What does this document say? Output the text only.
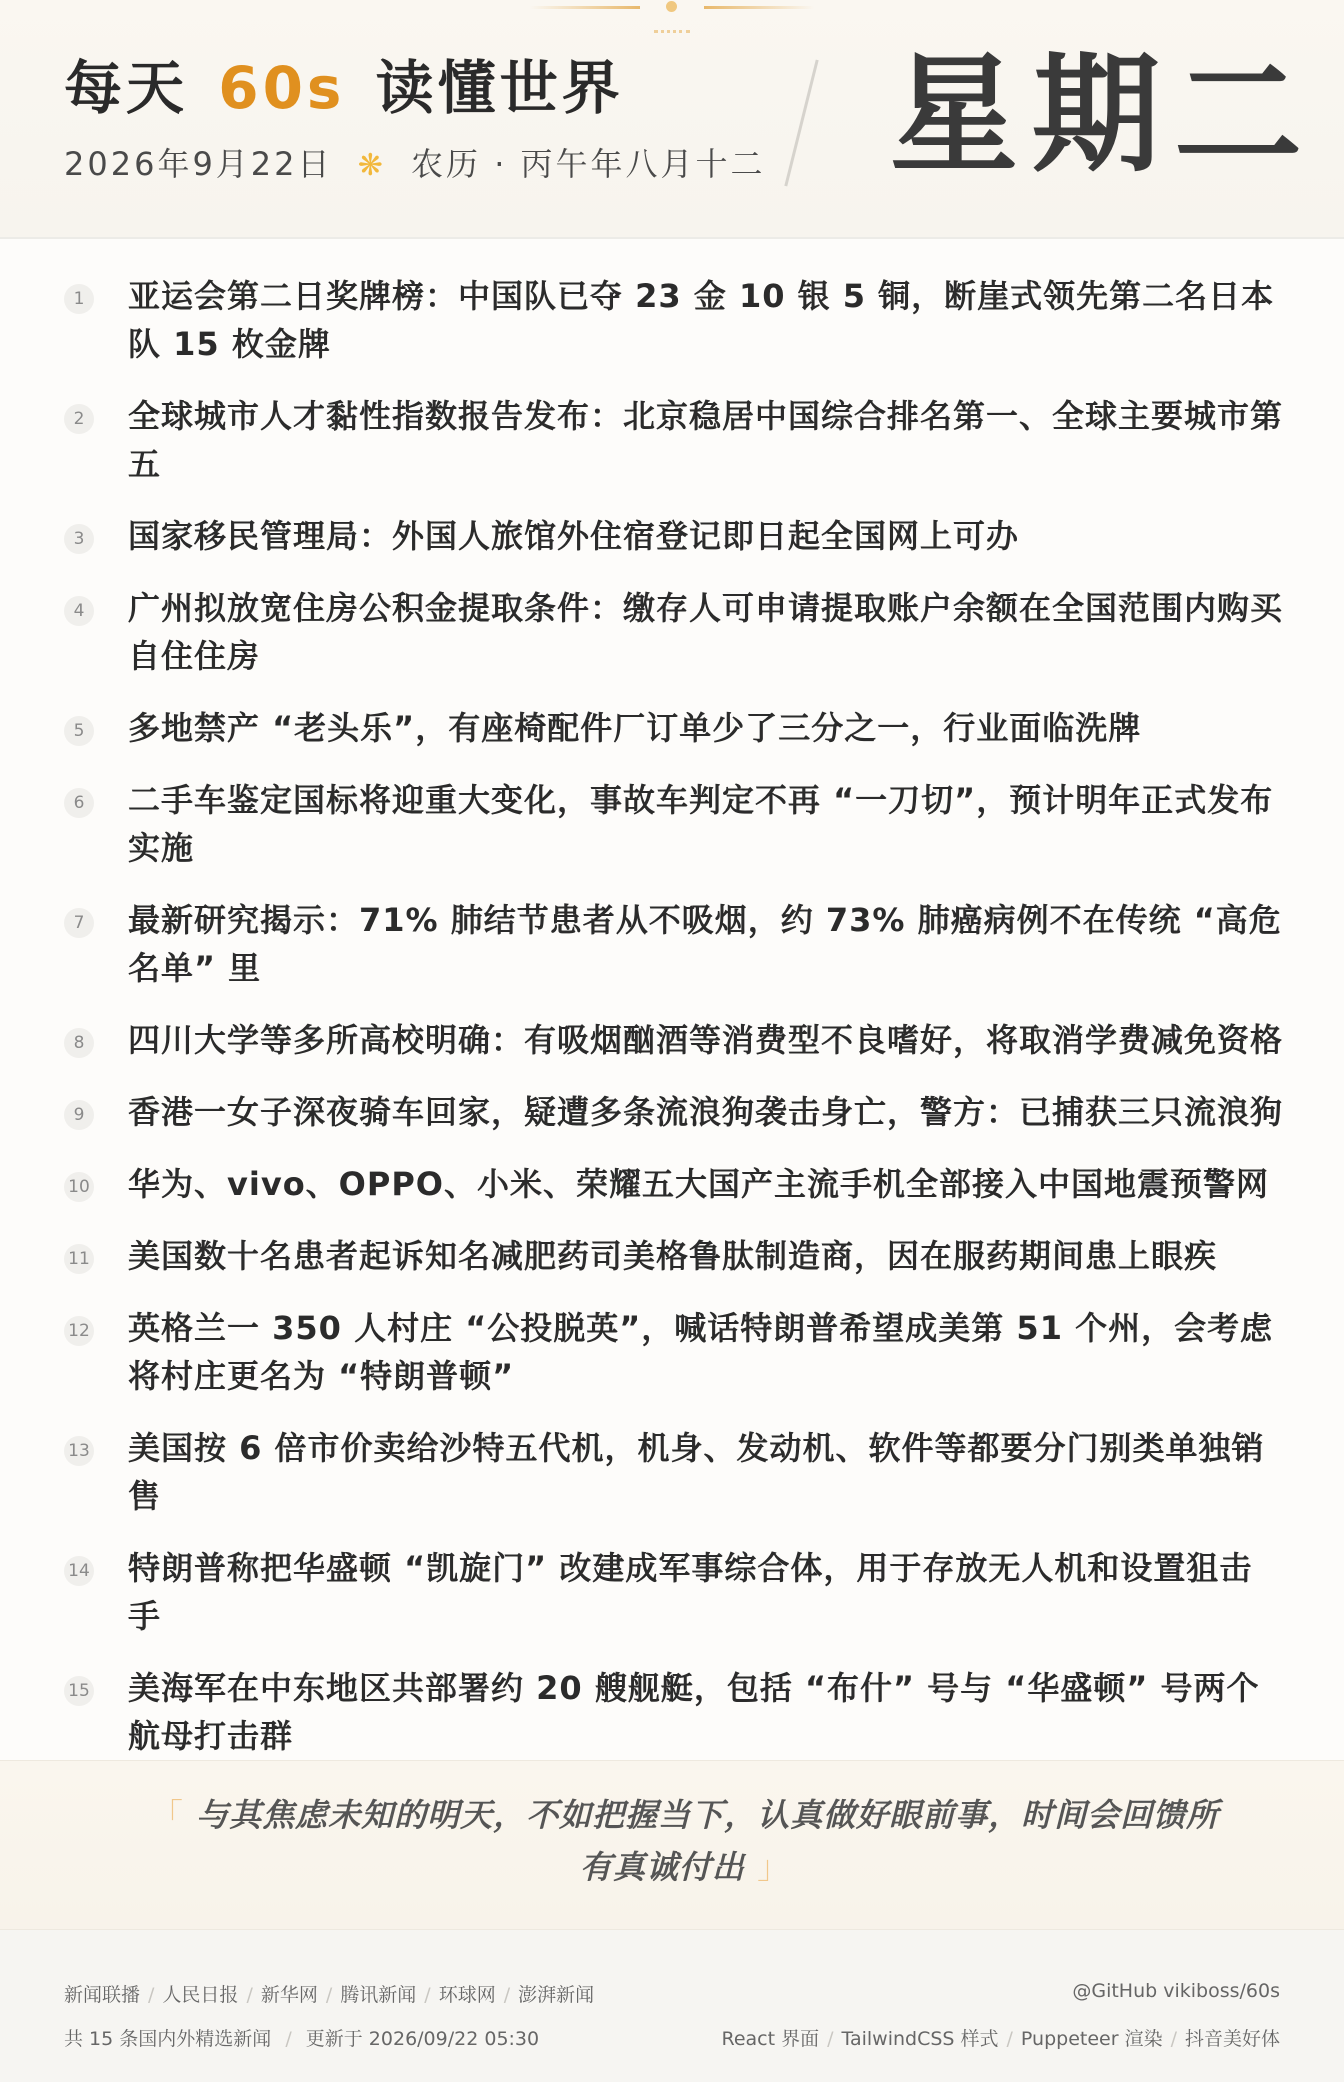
每天 60s 读懂世界
2026年9月22日 ❋ 农历 · 丙午年八月十二 星期二
1 亚运会第二日奖牌榜：中国队已夺 23 金 10 银 5 铜，断崖式领先第二名日本队 15 枚金牌
2 全球城市人才黏性指数报告发布：北京稳居中国综合排名第一、全球主要城市第五
3 国家移民管理局：外国人旅馆外住宿登记即日起全国网上可办
4 广州拟放宽住房公积金提取条件：缴存人可申请提取账户余额在全国范围内购买自住住房
5 多地禁产 “老头乐”，有座椅配件厂订单少了三分之一，行业面临洗牌
6 二手车鉴定国标将迎重大变化，事故车判定不再 “一刀切”，预计明年正式发布实施
7 最新研究揭示：71% 肺结节患者从不吸烟，约 73% 肺癌病例不在传统 “高危名单” 里
8 四川大学等多所高校明确：有吸烟酗酒等消费型不良嗜好，将取消学费减免资格
9 香港一女子深夜骑车回家，疑遭多条流浪狗袭击身亡，警方：已捕获三只流浪狗
10 华为、vivo、OPPO、小米、荣耀五大国产主流手机全部接入中国地震预警网
11 美国数十名患者起诉知名减肥药司美格鲁肽制造商，因在服药期间患上眼疾
12 英格兰一 350 人村庄 “公投脱英”，喊话特朗普希望成美第 51 个州，会考虑将村庄更名为 “特朗普顿”
13 美国按 6 倍市价卖给沙特五代机，机身、发动机、软件等都要分门别类单独销售
14 特朗普称把华盛顿 “凯旋门” 改建成军事综合体，用于存放无人机和设置狙击手
15 美海军在中东地区共部署约 20 艘舰艇，包括 “布什” 号与 “华盛顿” 号两个航母打击群
「 与其焦虑未知的明天，不如把握当下，认真做好眼前事，时间会回馈所有真诚付出 」
新闻联播 / 人民日报 / 新华网 / 腾讯新闻 / 环球网 / 澎湃新闻	@GitHub vikiboss/60s
共 15 条国内外精选新闻 / 更新于 2026/09/22 05:30	React 界面 / TailwindCSS 样式 / Puppeteer 渲染 / 抖音美好体
